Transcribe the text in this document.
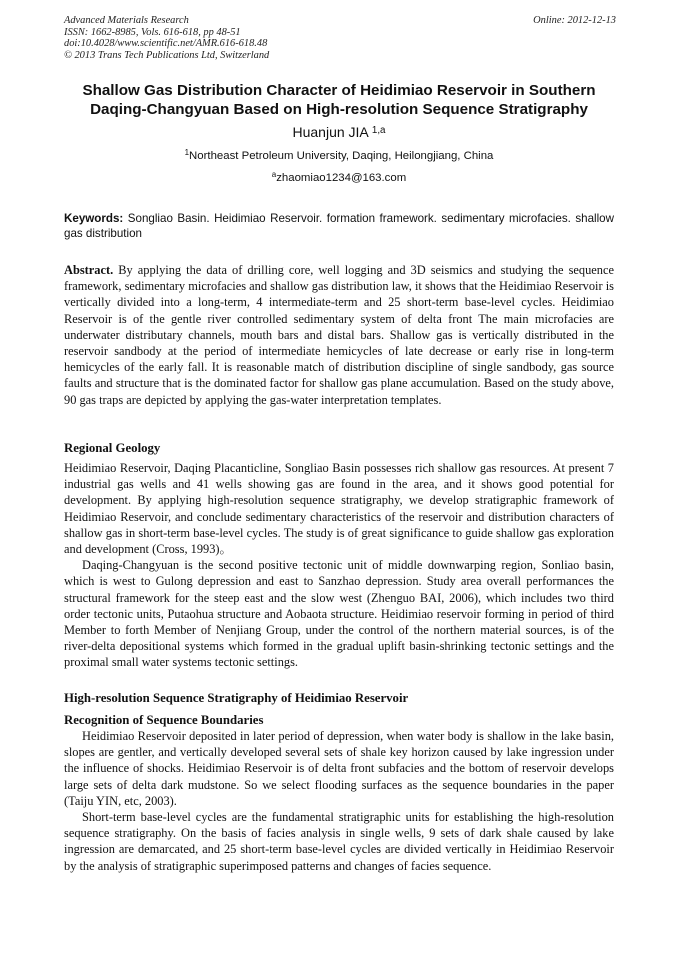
Advanced Materials Research
ISSN: 1662-8985, Vols. 616-618, pp 48-51
doi:10.4028/www.scientific.net/AMR.616-618.48
© 2013 Trans Tech Publications Ltd, Switzerland
Online: 2012-12-13
Shallow Gas Distribution Character of Heidimiao Reservoir in Southern
Daqing-Changyuan Based on High-resolution Sequence Stratigraphy
Huanjun JIA $^{1,a}$
$^1$Northeast Petroleum University, Daqing, Heilongjiang, China
$^a$zhaomiao1234@163.com
Keywords: Songliao Basin. Heidimiao Reservoir. formation framework. sedimentary microfacies. shallow gas distribution

Abstract. By applying the data of drilling core, well logging and 3D seismics and studying the sequence framework, sedimentary microfacies and shallow gas distribution law, it shows that the Heidimiao Reservoir is vertically divided into a long-term, 4 intermediate-term and 25 short-term base-level cycles. Heidimiao Reservoir is of the gentle river controlled sedimentary system of delta front The main microfacies are underwater distributary channels, mouth bars and distal bars. Shallow gas is vertically distributed in the reservoir sandbody at the period of intermediate hemicycles of late decrease or early rise in long-term hemicycles of the early fall. It is reasonable match of distribution discipline of single sandbody, gas source faults and structure that is the dominated factor for shallow gas plane accumulation. Based on the study above, 90 gas traps are depicted by applying the gas-water interpretation templates.

Regional Geology

Heidimiao Reservoir, Daqing Placanticline, Songliao Basin possesses rich shallow gas resources. At present 7 industrial gas wells and 41 wells showing gas are found in the area, and it shows good potential for development. By applying high-resolution sequence stratigraphy, we develop stratigraphic framework of Heidimiao Reservoir, and conclude sedimentary characteristics of the reservoir and distribution characters of shallow gas in short-term base-level cycles. The study is of great significance to guide shallow gas exploration and development (Cross, 1993)。

Daqing-Changyuan is the second positive tectonic unit of middle downwarping region, Sonliao basin, which is west to Gulong depression and east to Sanzhao depression. Study area overall performances the structural framework for the steep east and the slow west (Zhenguo BAI, 2006), which includes two third order tectonic units, Putaohua structure and Aobaota structure. Heidimiao reservoir forming in period of third Member to forth Member of Nenjiang Group, under the control of the northern material sources, is of the river-delta depositional systems which formed in the gradual uplift basin-shrinking tectonic settings and the proximal small water systems tectonic settings.

High-resolution Sequence Stratigraphy of Heidimiao Reservoir
Recognition of Sequence Boundaries

Heidimiao Reservoir deposited in later period of depression, when water body is shallow in the lake basin, slopes are gentler, and vertically developed several sets of shale key horizon caused by lake ingression under the influence of shocks. Heidimiao Reservoir is of delta front subfacies and the bottom of reservoir develops large sets of delta dark mudstone. So we select flooding surfaces as the sequence boundaries in the paper (Taiju YIN, etc, 2003).

Short-term base-level cycles are the fundamental stratigraphic units for establishing the high-resolution sequence stratigraphy. On the basis of facies analysis in single wells, 9 sets of dark shale caused by lake ingression are demarcated, and 25 short-term base-level cycles are divided vertically in Heidimiao Reservoir by the analysis of stratigraphic superimposed patterns and changes of facies sequence.
